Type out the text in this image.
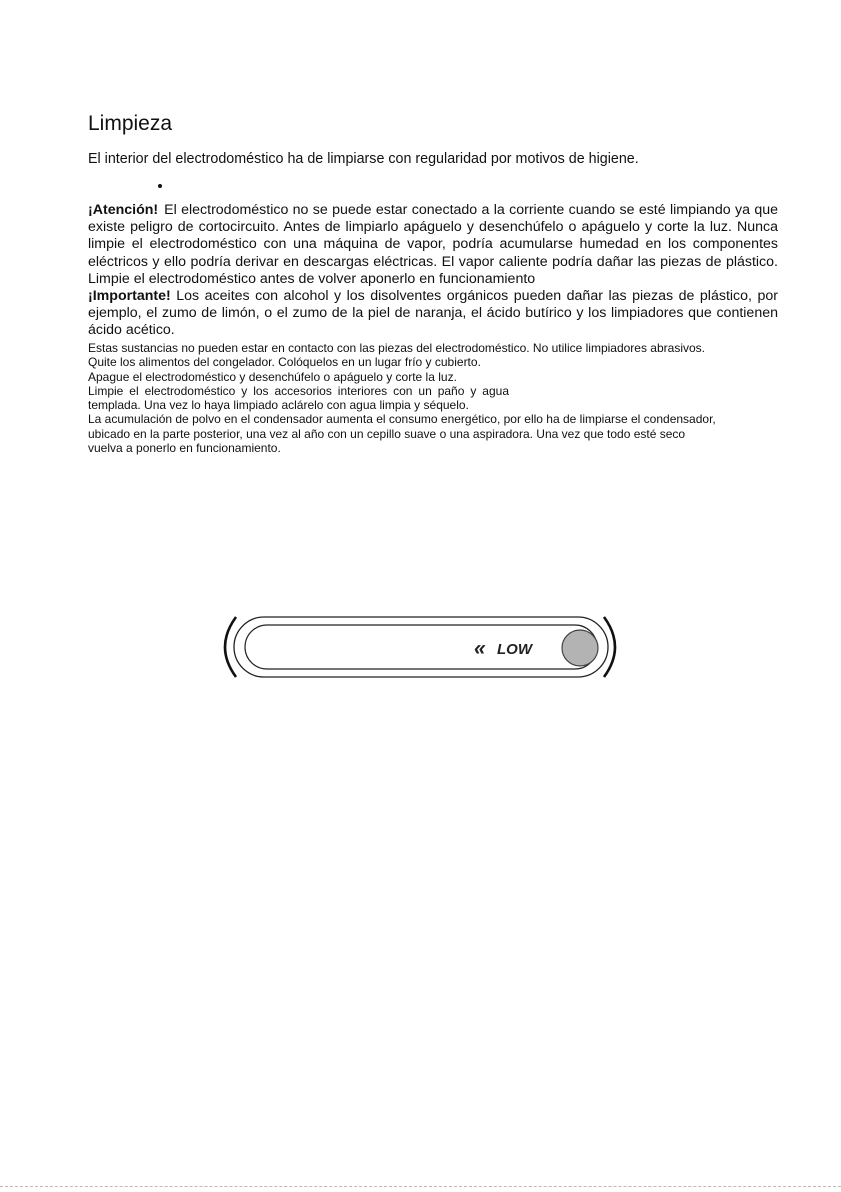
Limpieza
El interior del electrodoméstico ha de limpiarse con regularidad por motivos de higiene.

¡Atención! El electrodoméstico no se puede estar conectado a la corriente cuando se esté limpiando ya que existe peligro de cortocircuito. Antes de limpiarlo apáguelo y desenchúfelo o apáguelo y corte la luz. Nunca limpie el electrodoméstico con una máquina de vapor, podría acumularse humedad en los componentes eléctricos y ello podría derivar en descargas eléctricas. El vapor caliente podría dañar las piezas de plástico. Limpie el electrodoméstico antes de volver aponerlo en funcionamiento

¡Importante! Los aceites con alcohol y los disolventes orgánicos pueden dañar las piezas de plástico, por ejemplo, el zumo de limón, o el zumo de la piel de naranja, el ácido butírico y los limpiadores que contienen ácido acético.

Estas sustancias no pueden estar en contacto con las piezas del electrodoméstico. No utilice limpiadores abrasivos.

Quite los alimentos del congelador. Colóquelos en un lugar frío y cubierto.

Apague el electrodoméstico y desenchúfelo o apáguelo y corte la luz.

Limpie el electrodoméstico y los accesorios interiores con un paño y agua templada. Una vez lo haya limpiado aclárelo con agua limpia y séquelo.

La acumulación de polvo en el condensador aumenta el consumo energético, por ello ha de limpiarse el condensador, ubicado en la parte posterior, una vez al año con un cepillo suave o una aspiradora. Una vez que todo esté seco vuelva a ponerlo en funcionamiento.

« LOW
